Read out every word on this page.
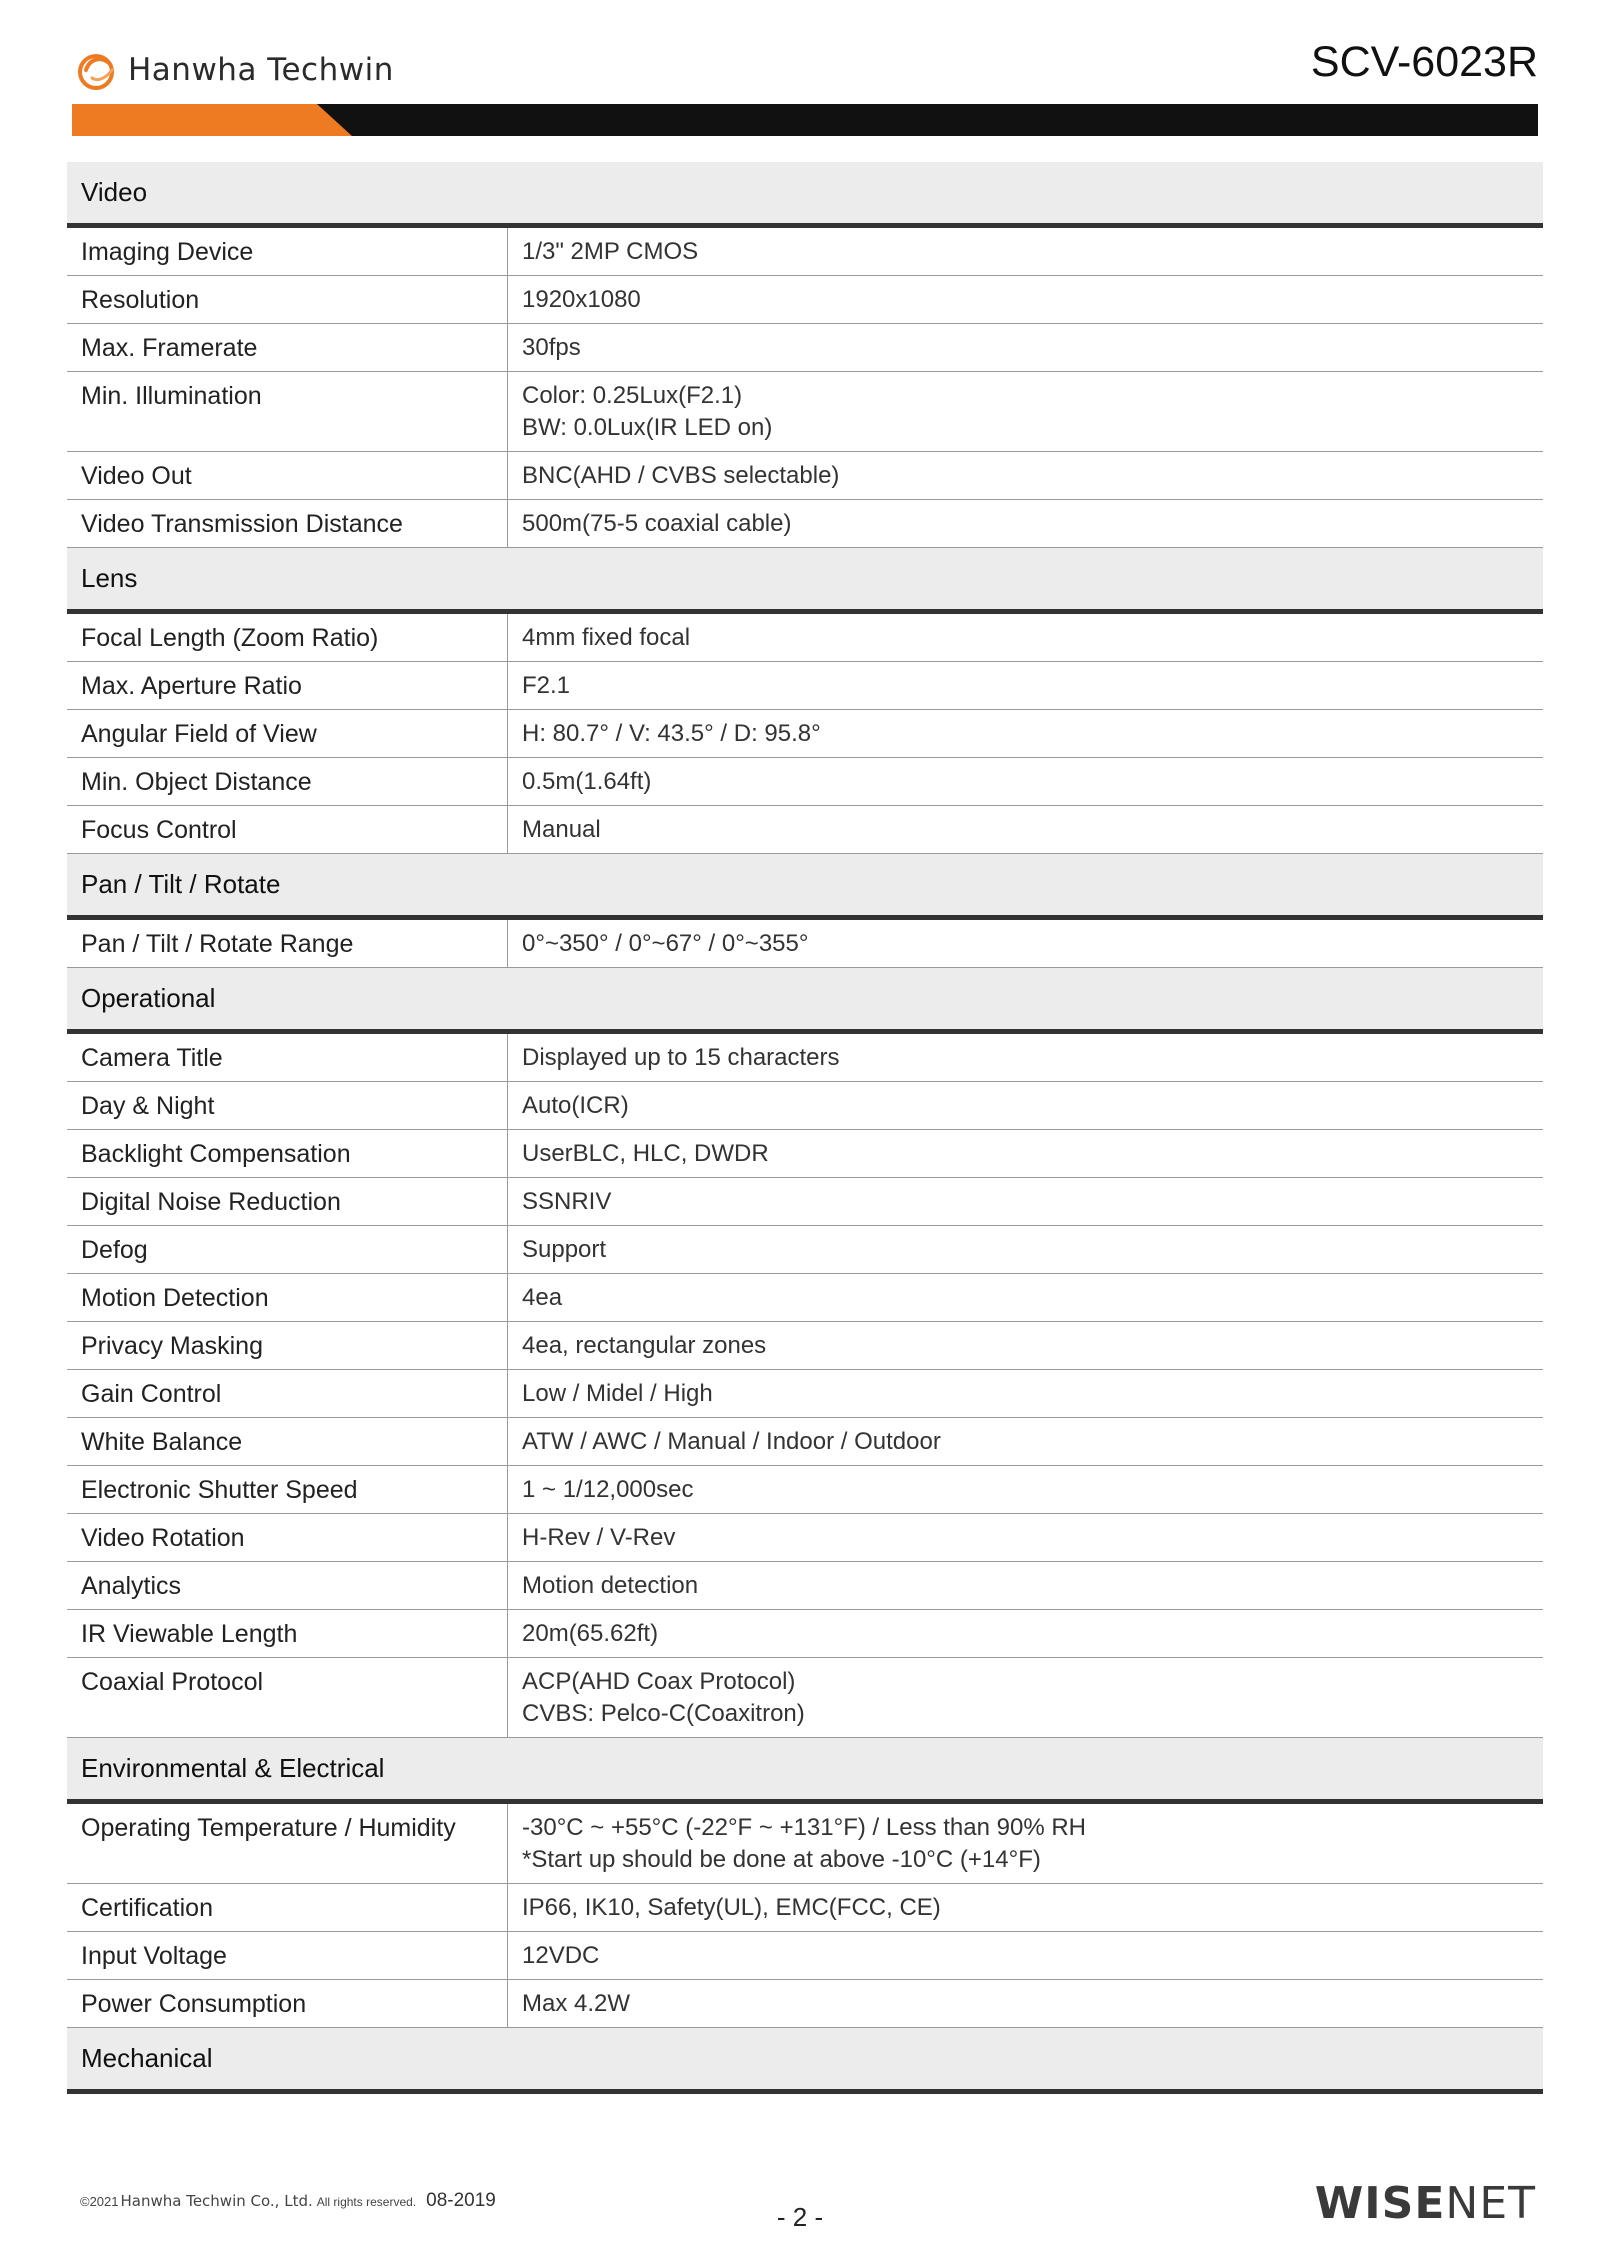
Hanwha Techwin	SCV-6023R
Video
Imaging Device	1/3" 2MP CMOS
Resolution	1920x1080
Max. Framerate	30fps
Min. Illumination	Color: 0.25Lux(F2.1)
BW: 0.0Lux(IR LED on)
Video Out	BNC(AHD / CVBS selectable)
Video Transmission Distance	500m(75-5 coaxial cable)
Lens
Focal Length (Zoom Ratio)	4mm fixed focal
Max. Aperture Ratio	F2.1
Angular Field of View	H: 80.7° / V: 43.5° / D: 95.8°
Min. Object Distance	0.5m(1.64ft)
Focus Control	Manual
Pan / Tilt / Rotate
Pan / Tilt / Rotate Range	0°~350° / 0°~67° / 0°~355°
Operational
Camera Title	Displayed up to 15 characters
Day & Night	Auto(ICR)
Backlight Compensation	UserBLC, HLC, DWDR
Digital Noise Reduction	SSNRIV
Defog	Support
Motion Detection	4ea
Privacy Masking	4ea, rectangular zones
Gain Control	Low / Midel / High
White Balance	ATW / AWC / Manual / Indoor / Outdoor
Electronic Shutter Speed	1 ~ 1/12,000sec
Video Rotation	H-Rev / V-Rev
Analytics	Motion detection
IR Viewable Length	20m(65.62ft)
Coaxial Protocol	ACP(AHD Coax Protocol)
CVBS: Pelco-C(Coaxitron)
Environmental & Electrical
Operating Temperature / Humidity	-30°C ~ +55°C (-22°F ~ +131°F) / Less than 90% RH
*Start up should be done at above -10°C (+14°F)
Certification	IP66, IK10, Safety(UL), EMC(FCC, CE)
Input Voltage	12VDC
Power Consumption	Max 4.2W
Mechanical
©2021 Hanwha Techwin Co., Ltd. All rights reserved. 08-2019
- 2 -	WISENET
